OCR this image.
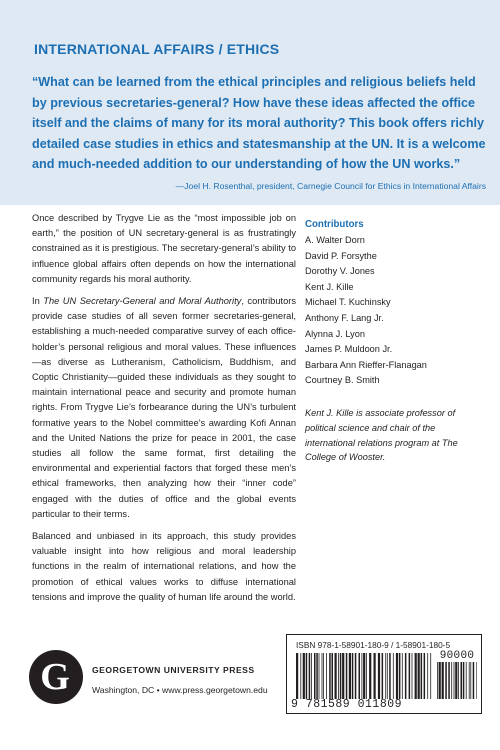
INTERNATIONAL AFFAIRS / ETHICS
“What can be learned from the ethical principles and religious beliefs held by previous secretaries-general? How have these ideas affected the office itself and the claims of many for its moral authority? This book offers richly detailed case studies in ethics and statesmanship at the UN. It is a welcome and much-needed addition to our understanding of how the UN works.”
—Joel H. Rosenthal, president, Carnegie Council for Ethics in International Affairs

Once described by Trygve Lie as the “most impossible job on earth,” the position of UN secretary-general is as frustratingly constrained as it is prestigious. The secretary-general’s ability to influence global affairs often depends on how the international community regards his moral authority.

In The UN Secretary-General and Moral Authority, contributors provide case studies of all seven former secretaries-general, establishing a much-needed comparative survey of each office-holder’s personal religious and moral values. These influences—as diverse as Lutheranism, Catholicism, Buddhism, and Coptic Christianity—guided these individuals as they sought to maintain international peace and security and promote human rights. From Trygve Lie’s forbearance during the UN’s turbulent formative years to the Nobel committee’s awarding Kofi Annan and the United Nations the prize for peace in 2001, the case studies all follow the same format, first detailing the environmental and experiential factors that forged these men’s ethical frameworks, then analyzing how their “inner code” engaged with the duties of office and the global events particular to their terms.

Balanced and unbiased in its approach, this study provides valuable insight into how religious and moral leadership functions in the realm of international relations, and how the promotion of ethical values works to diffuse international tensions and improve the quality of human life around the world.

Contributors
A. Walter Dorn
David P. Forsythe
Dorothy V. Jones
Kent J. Kille
Michael T. Kuchinsky
Anthony F. Lang Jr.
Alynna J. Lyon
James P. Muldoon Jr.
Barbara Ann Rieffer-Flanagan
Courtney B. Smith
Kent J. Kille is associate professor of political science and chair of the international relations program at The College of Wooster.
G	GEORGETOWN UNIVERSITY PRESS
Washington, DC • www.press.georgetown.edu
ISBN 978-1-58901-180-9 / 1-58901-180-5
90000
9 781589 011809
